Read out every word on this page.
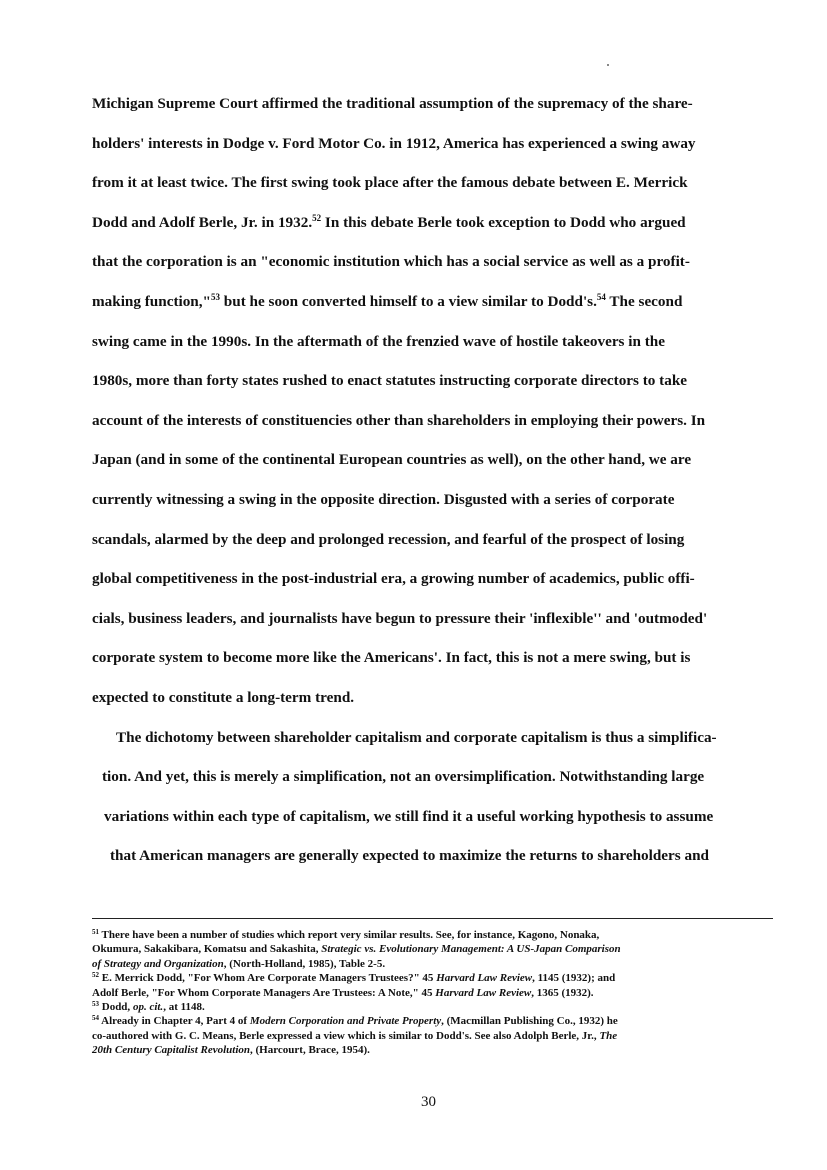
Michigan Supreme Court affirmed the traditional assumption of the supremacy of the share-
holders' interests in Dodge v. Ford Motor Co. in 1912, America has experienced a swing away
from it at least twice. The first swing took place after the famous debate between E. Merrick
Dodd and Adolf Berle, Jr. in 1932.52 In this debate Berle took exception to Dodd who argued
that the corporation is an "economic institution which has a social service as well as a profit-
making function,"$^{53}$ but he soon converted himself to a view similar to Dodd's.$^{54}$ The second
swing came in the 1990s. In the aftermath of the frenzied wave of hostile takeovers in the
1980s, more than forty states rushed to enact statutes instructing corporate directors to take
account of the interests of constituencies other than shareholders in employing their powers. In
Japan (and in some of the continental European countries as well), on the other hand, we are
currently witnessing a swing in the opposite direction. Disgusted with a series of corporate
scandals, alarmed by the deep and prolonged recession, and fearful of the prospect of losing
global competitiveness in the post-industrial era, a growing number of academics, public offi-
cials, business leaders, and journalists have begun to pressure their 'inflexible'' and 'outmoded'
corporate system to become more like the Americans'. In fact, this is not a mere swing, but is
expected to constitute a long-term trend.
The dichotomy between shareholder capitalism and corporate capitalism is thus a simplifica-
tion. And yet, this is merely a simplification, not an oversimplification. Notwithstanding large
variations within each type of capitalism, we still find it a useful working hypothesis to assume
that American managers are generally expected to maximize the returns to shareholders and
$^{51}$ There have been a number of studies which report very similar results. See, for instance, Kagono, Nonaka,
Okumura, Sakakibara, Komatsu and Sakashita, Strategic vs. Evolutionary Management: A US-Japan Comparison
of Strategy and Organization, (North-Holland, 1985), Table 2-5.
$^{52}$ E. Merrick Dodd, "For Whom Are Corporate Managers Trustees?" 45 Harvard Law Review, 1145 (1932); and
Adolf Berle, "For Whom Corporate Managers Are Trustees: A Note," 45 Harvard Law Review, 1365 (1932).
$^{53}$ Dodd, op. cit., at 1148.
$^{54}$ Already in Chapter 4, Part 4 of Modern Corporation and Private Property, (Macmillan Publishing Co., 1932) he
co-authored with G. C. Means, Berle expressed a view which is similar to Dodd's. See also Adolph Berle, Jr., The
20th Century Capitalist Revolution, (Harcourt, Brace, 1954).
30
